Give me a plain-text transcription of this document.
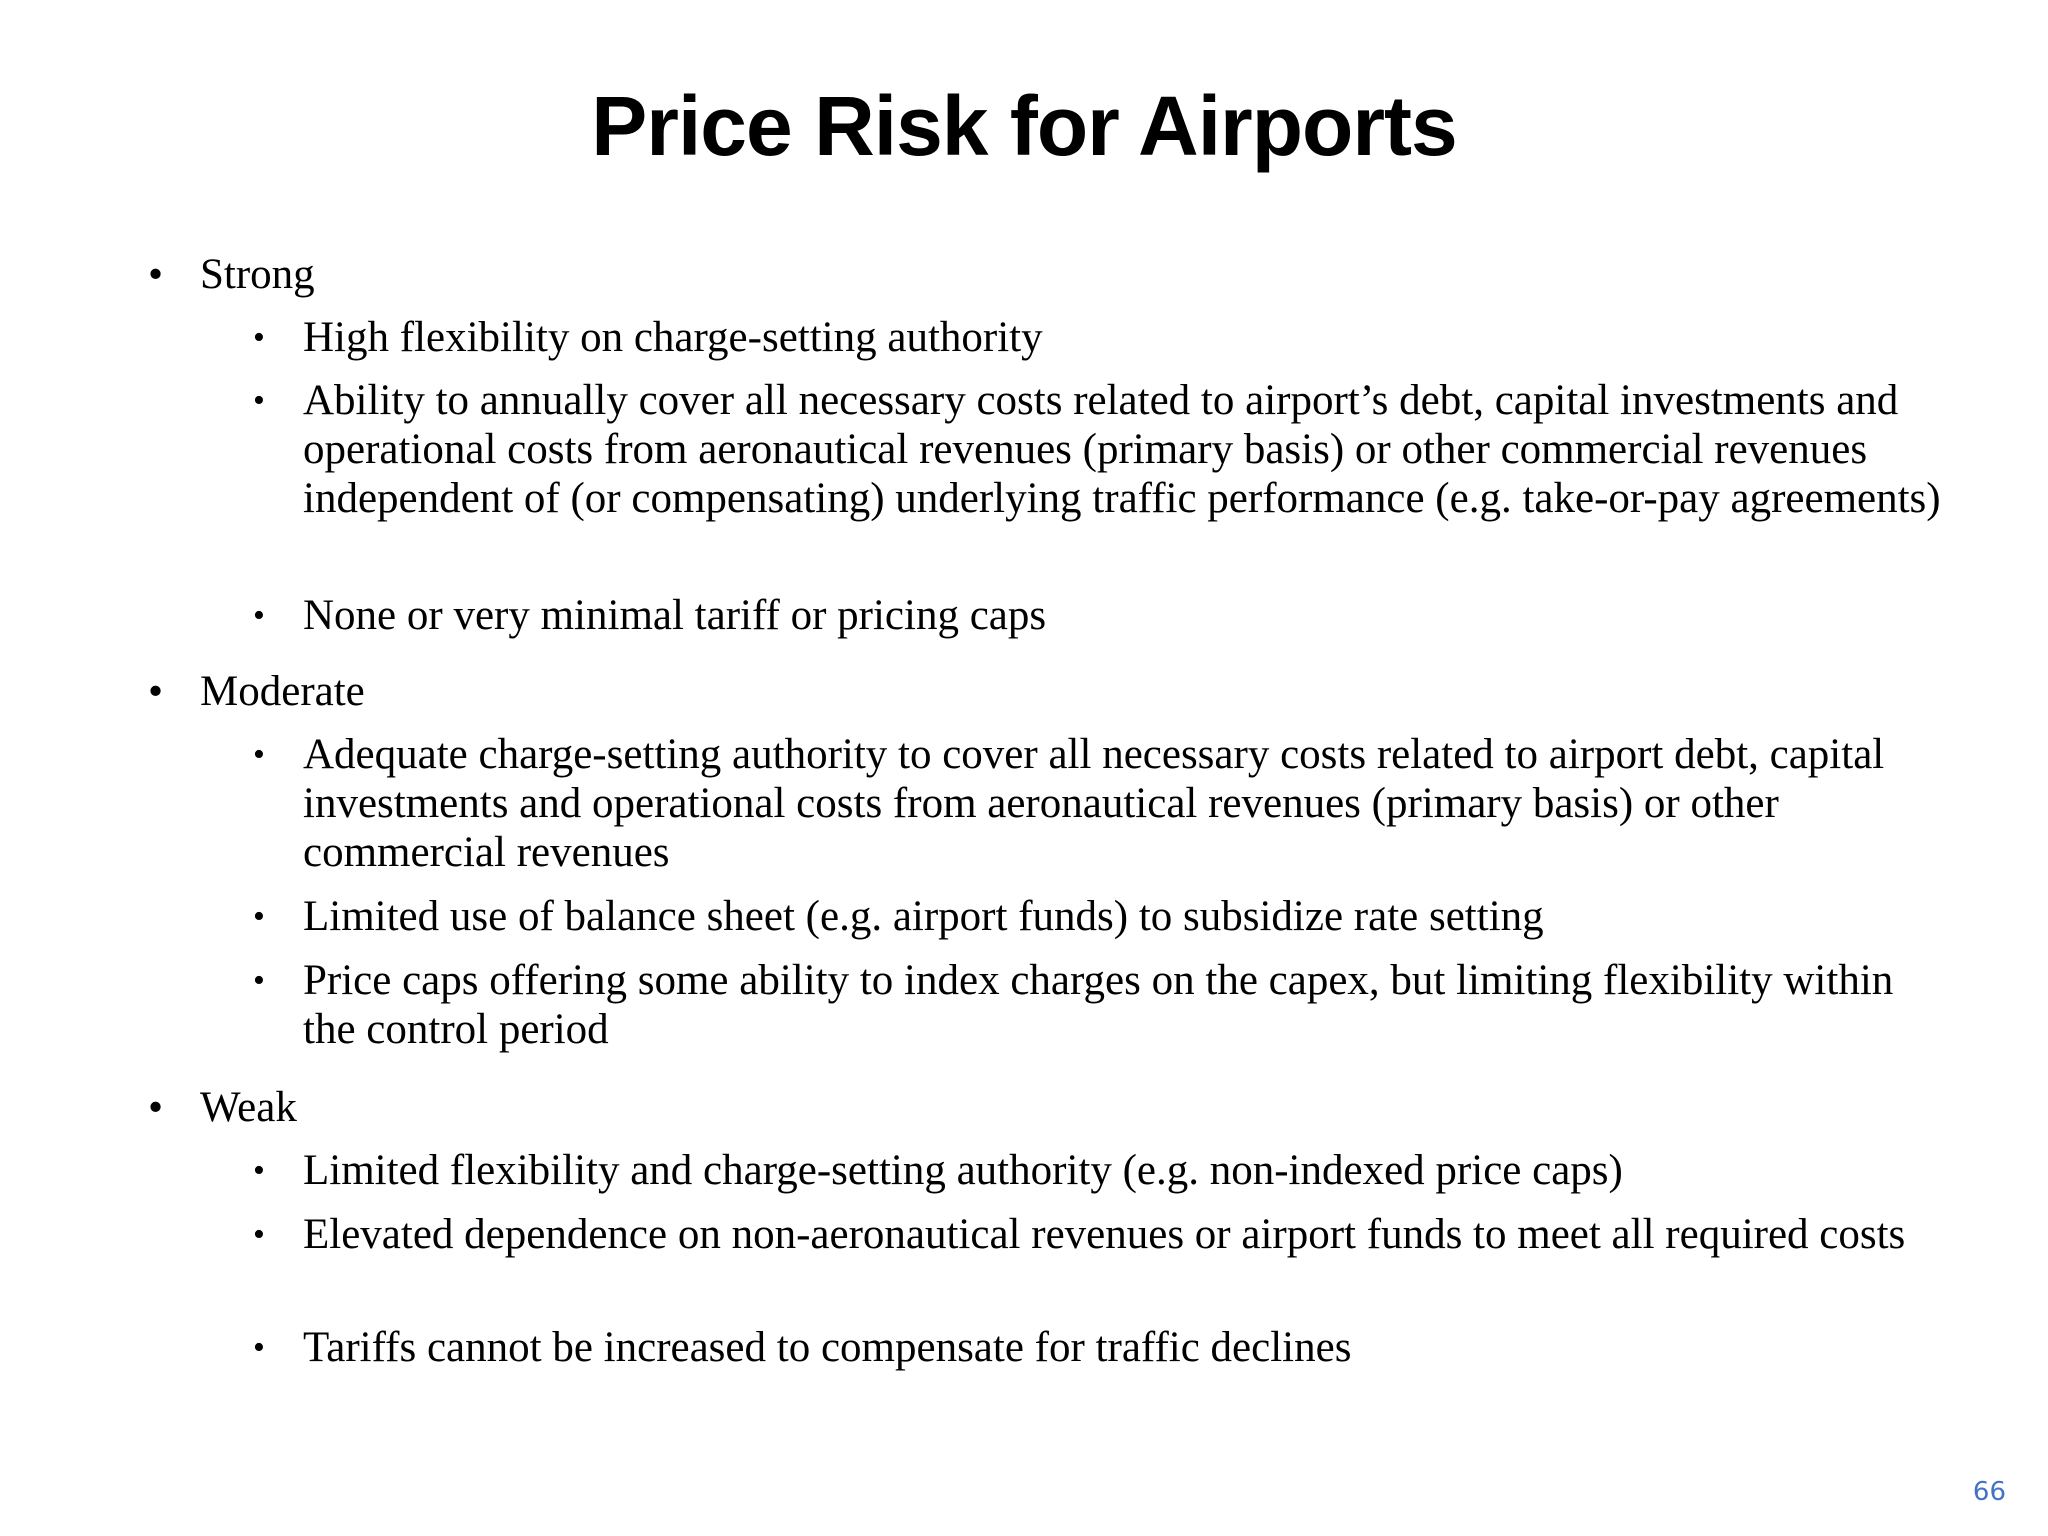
Price Risk for Airports
• Strong
• High flexibility on charge-setting authority
• Ability to annually cover all necessary costs related to airport’s debt, capital investments and operational costs from aeronautical revenues (primary basis) or other commercial revenues independent of (or compensating) underlying traffic performance (e.g. take-or-pay agreements)
• None or very minimal tariff or pricing caps
• Moderate
• Adequate charge-setting authority to cover all necessary costs related to airport debt, capital investments and operational costs from aeronautical revenues (primary basis) or other commercial revenues
• Limited use of balance sheet (e.g. airport funds) to subsidize rate setting
• Price caps offering some ability to index charges on the capex, but limiting flexibility within the control period
• Weak
• Limited flexibility and charge-setting authority (e.g. non-indexed price caps)
• Elevated dependence on non-aeronautical revenues or airport funds to meet all required costs
• Tariffs cannot be increased to compensate for traffic declines
66
